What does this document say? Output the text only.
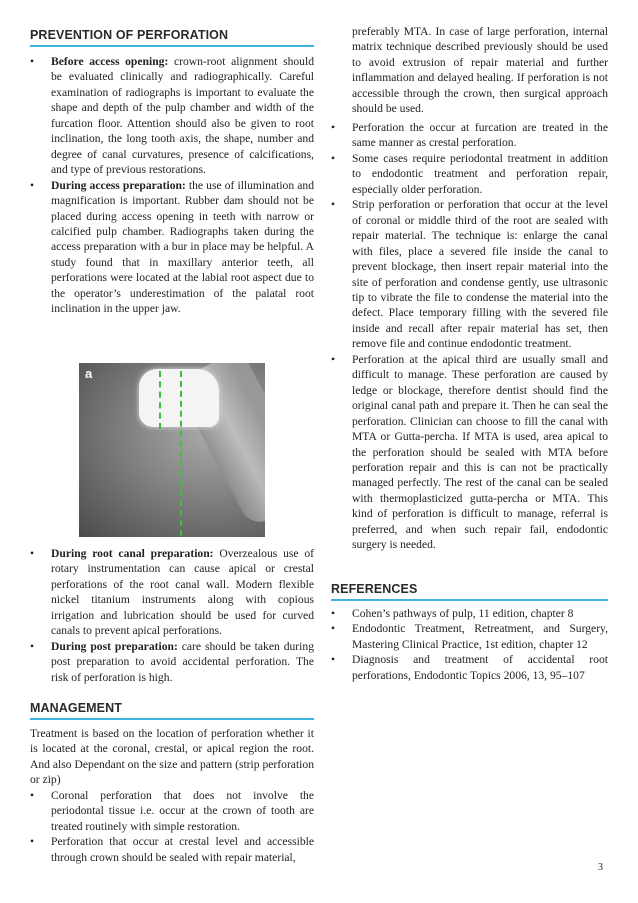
PREVENTION OF PERFORATION
• Before access opening: crown-root alignment should be evaluated clinically and radiographically. Careful examination of radiographs is important to evaluate the shape and depth of the pulp chamber and width of the furcation floor. Attention should also be given to root inclination, the long tooth axis, the shape, number and degree of canal curvatures, presence of calcifications, and type of previous restorations.
• During access preparation: the use of illumination and magnification is important. Rubber dam should not be placed during access opening in teeth with narrow or calcified pulp chamber. Radiographs taken during the access preparation with a bur in place may be helpful. A study found that in maxillary anterior teeth, all perforations were located at the labial root aspect due to the operator’s underestimation of the palatal root inclination in the upper jaw.
a
• During root canal preparation: Overzealous use of rotary instrumentation can cause apical or crestal perforations of the root canal wall. Modern flexible nickel titanium instruments along with copious irrigation and lubrication should be used for curved canals to prevent apical perforations.
• During post preparation: care should be taken during post preparation to avoid accidental perforation. The risk of perforation is high.
MANAGEMENT

Treatment is based on the location of perforation whether it is located at the coronal, crestal, or apical region the root. And also Dependant on the size and pattern (strip perforation or zip)

• Coronal perforation that does not involve the periodontal tissue i.e. occur at the crown of tooth are treated routinely with simple restoration.
• Perforation that occur at crestal level and accessible through crown should be sealed with repair material,
preferably MTA. In case of large perforation, internal matrix technique described previously should be used to avoid extrusion of repair material and further inflammation and delayed healing. If perforation is not accessible through the crown, then surgical approach should be used.
• Perforation the occur at furcation are treated in the same manner as crestal perforation.
• Some cases require periodontal treatment in addition to endodontic treatment and perforation repair, especially older perforation.
• Strip perforation or perforation that occur at the level of coronal or middle third of the root are sealed with repair material. The technique is: enlarge the canal with files, place a severed file inside the canal to prevent blockage, then insert repair material into the site of perforation and condense gently, use ultrasonic tip to vibrate the file to condense the material into the defect. Place temporary filling with the severed file inside and recall after repair material has set, then remove file and continue endodontic treatment.
• Perforation at the apical third are usually small and difficult to manage. These perforation are caused by ledge or blockage, therefore dentist should find the original canal path and prepare it. Then he can seal the perforation. Clinician can choose to fill the canal with MTA or Gutta-percha. If MTA is used, area apical to the perforation should be sealed with MTA before perforation repair and this is can not be practically managed perfectly. The rest of the canal can be sealed with thermoplasticized gutta-percha or MTA. This kind of perforation is difficult to manage, referral is preferred, and when such repair fail, endodontic surgery is needed.
REFERENCES
• Cohen’s pathways of pulp, 11 edition, chapter 8
• Endodontic Treatment, Retreatment, and Surgery, Mastering Clinical Practice, 1st edition, chapter 12
• Diagnosis and treatment of accidental root perforations, Endodontic Topics 2006, 13, 95–107
3
